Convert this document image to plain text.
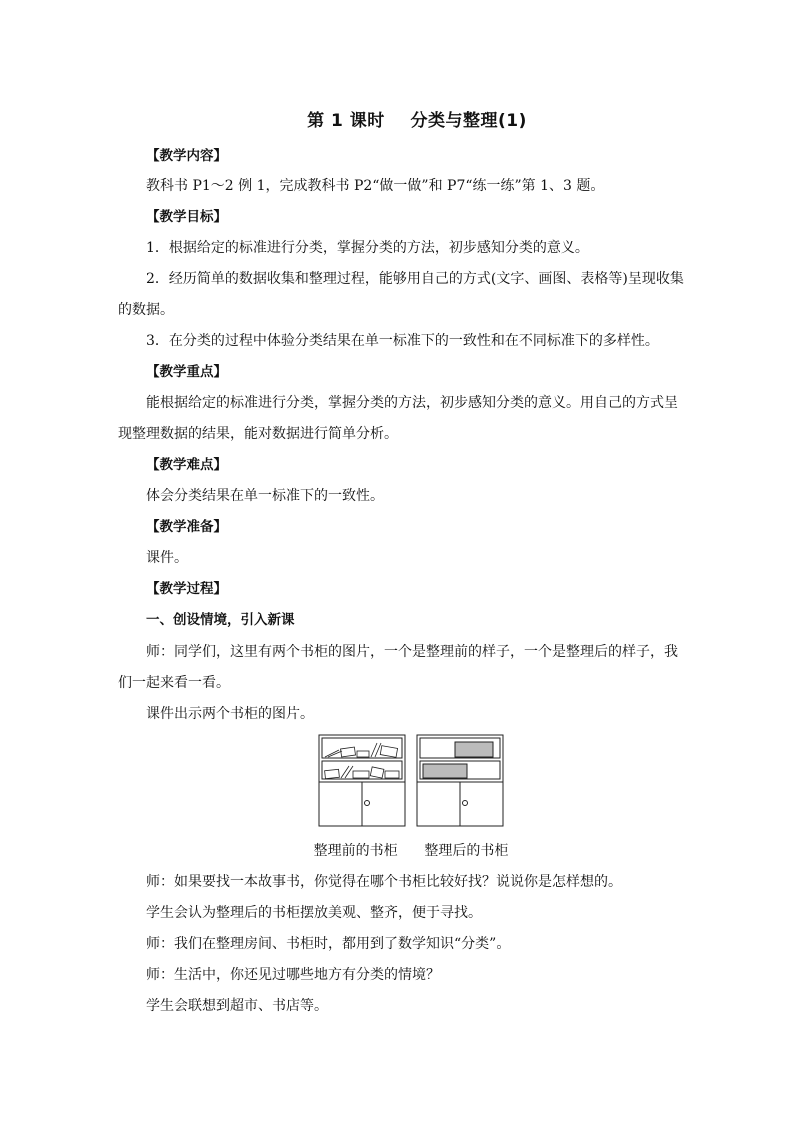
第 1 课时    分类与整理(1)
【教学内容】
教科书 P1～2 例 1，完成教科书 P2“做一做”和 P7“练一练”第 1、3 题。
【教学目标】
1．根据给定的标准进行分类，掌握分类的方法，初步感知分类的意义。
2．经历简单的数据收集和整理过程，能够用自己的方式(文字、画图、表格等)呈现收集
的数据。
3．在分类的过程中体验分类结果在单一标准下的一致性和在不同标准下的多样性。
【教学重点】
能根据给定的标准进行分类，掌握分类的方法，初步感知分类的意义。用自己的方式呈
现整理数据的结果，能对数据进行简单分析。
【教学难点】
体会分类结果在单一标准下的一致性。
【教学准备】
课件。
【教学过程】
一、创设情境，引入新课
师：同学们，这里有两个书柜的图片，一个是整理前的样子，一个是整理后的样子，我
们一起来看一看。
课件出示两个书柜的图片。
整理前的书柜      整理后的书柜
师：如果要找一本故事书，你觉得在哪个书柜比较好找？说说你是怎样想的。
学生会认为整理后的书柜摆放美观、整齐，便于寻找。
师：我们在整理房间、书柜时，都用到了数学知识“分类”。
师：生活中，你还见过哪些地方有分类的情境？
学生会联想到超市、书店等。
